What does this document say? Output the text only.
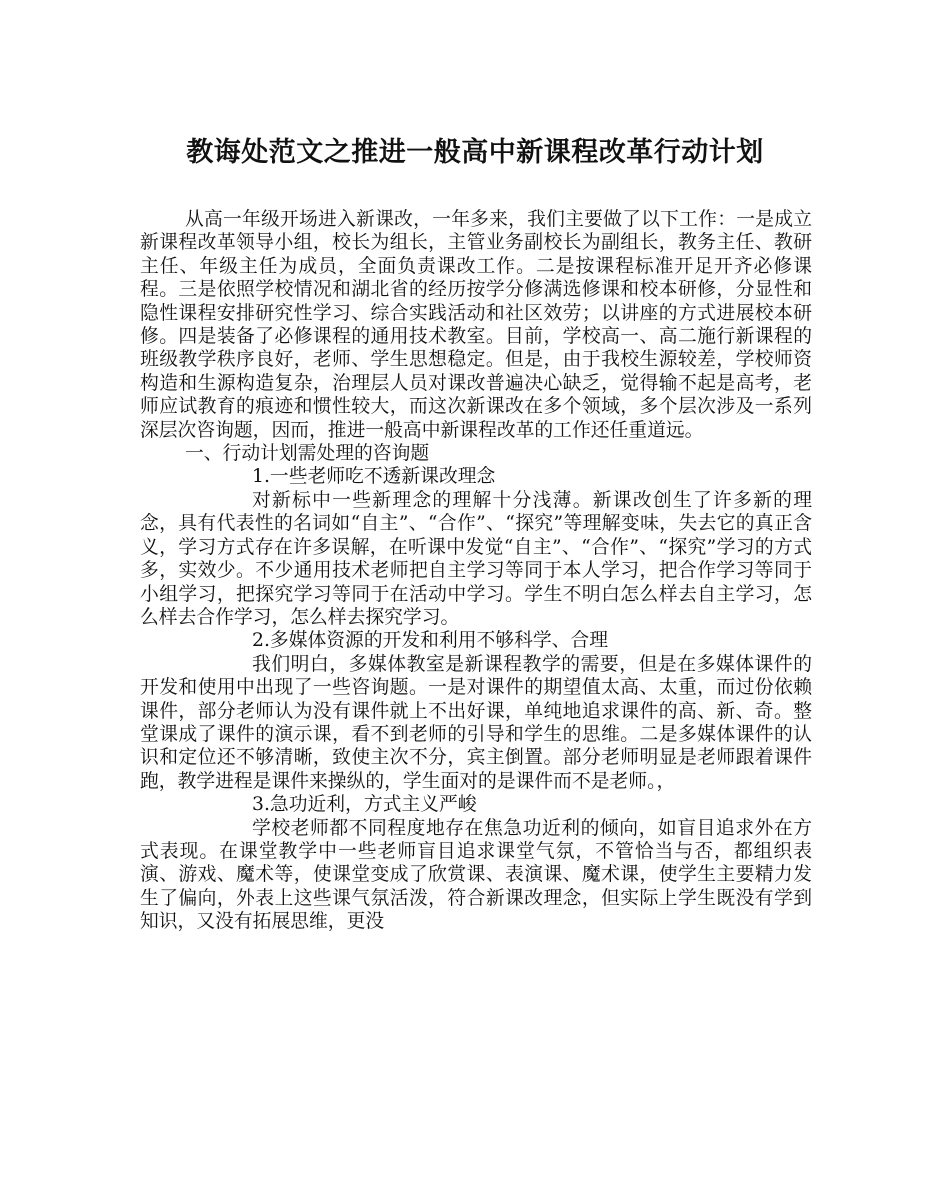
教诲处范文之推进一般高中新课程改革行动计划

从高一年级开场进入新课改，一年多来，我们主要做了以下工作：一是成立新课程改革领导小组，校长为组长，主管业务副校长为副组长，教务主任、教研主任、年级主任为成员，全面负责课改工作。二是按课程标准开足开齐必修课程。三是依照学校情况和湖北省的经历按学分修满选修课和校本研修，分显性和隐性课程安排研究性学习、综合实践活动和社区效劳；以讲座的方式进展校本研修。四是装备了必修课程的通用技术教室。目前，学校高一、高二施行新课程的班级教学秩序良好，老师、学生思想稳定。但是，由于我校生源较差，学校师资构造和生源构造复杂，治理层人员对课改普遍决心缺乏，觉得输不起是高考，老师应试教育的痕迹和惯性较大，而这次新课改在多个领域，多个层次涉及一系列深层次咨询题，因而，推进一般高中新课程改革的工作还任重道远。

一、行动计划需处理的咨询题

1.一些老师吃不透新课改理念

对新标中一些新理念的理解十分浅薄。新课改创生了许多新的理念，具有代表性的名词如“自主”、“合作”、“探究”等理解变味，失去它的真正含义，学习方式存在许多误解，在听课中发觉“自主”、“合作”、“探究”学习的方式多，实效少。不少通用技术老师把自主学习等同于本人学习，把合作学习等同于小组学习，把探究学习等同于在活动中学习。学生不明白怎么样去自主学习，怎么样去合作学习，怎么样去探究学习。

2.多媒体资源的开发和利用不够科学、合理

我们明白，多媒体教室是新课程教学的需要，但是在多媒体课件的开发和使用中出现了一些咨询题。一是对课件的期望值太高、太重，而过份依赖课件，部分老师认为没有课件就上不出好课，单纯地追求课件的高、新、奇。整堂课成了课件的演示课，看不到老师的引导和学生的思维。二是多媒体课件的认识和定位还不够清晰，致使主次不分，宾主倒置。部分老师明显是老师跟着课件跑，教学进程是课件来操纵的，学生面对的是课件而不是老师。，

3.急功近利，方式主义严峻

学校老师都不同程度地存在焦急功近利的倾向，如盲目追求外在方式表现。在课堂教学中一些老师盲目追求课堂气氛，不管恰当与否，都组织表演、游戏、魔术等，使课堂变成了欣赏课、表演课、魔术课，使学生主要精力发生了偏向，外表上这些课气氛活泼，符合新课改理念，但实际上学生既没有学到知识，又没有拓展思维，更没
